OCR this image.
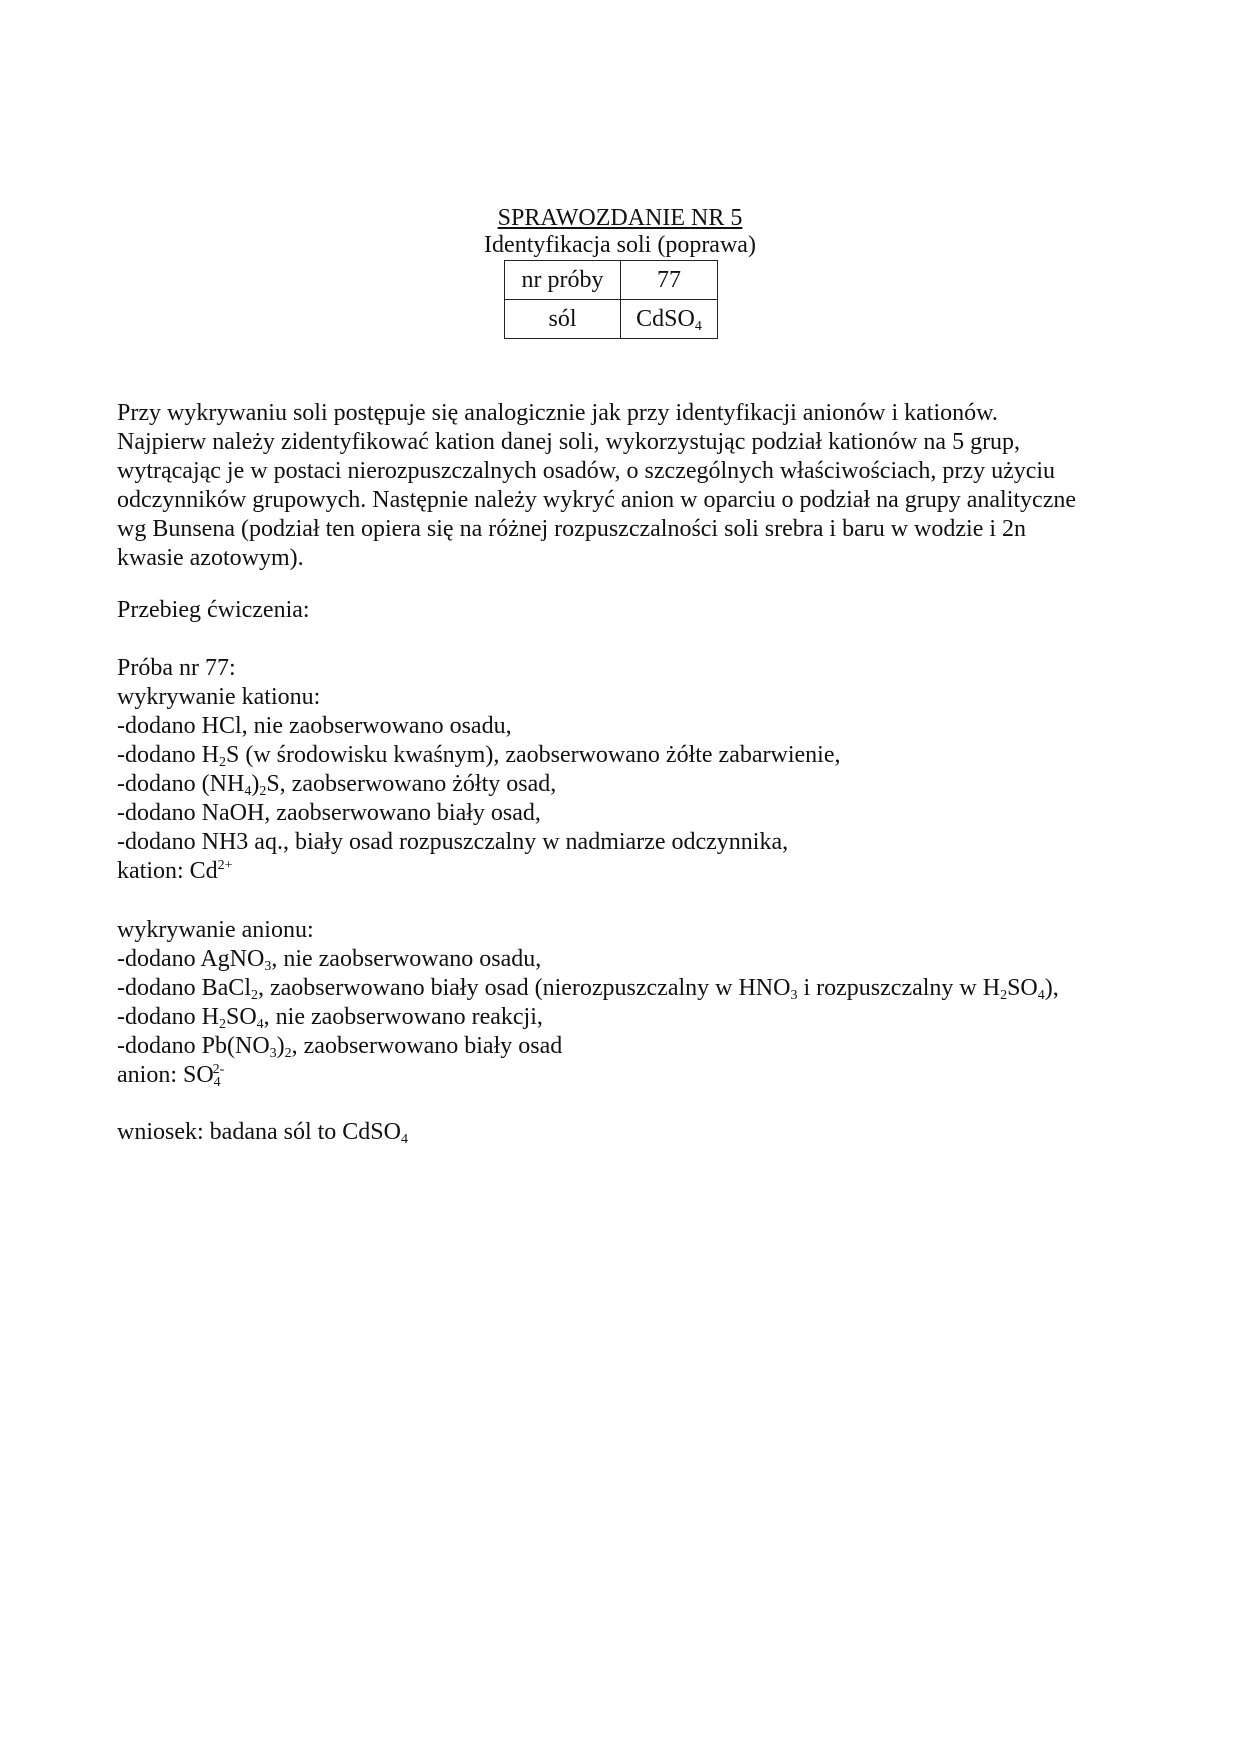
SPRAWOZDANIE NR 5
Identyfikacja soli (poprawa)
nr próby	77
sól	CdSO$_4$
Przy wykrywaniu soli postępuje się analogicznie jak przy identyfikacji anionów i kationów.
Najpierw należy zidentyfikować kation danej soli, wykorzystując podział kationów na 5 grup,
wytrącając je w postaci nierozpuszczalnych osadów, o szczególnych właściwościach, przy użyciu
odczynników grupowych. Następnie należy wykryć anion w oparciu o podział na grupy analityczne
wg Bunsena (podział ten opiera się na różnej rozpuszczalności soli srebra i baru w wodzie i 2n
kwasie azotowym).
Przebieg ćwiczenia:
Próba nr 77:
wykrywanie kationu:
-dodano HCl, nie zaobserwowano osadu,
-dodano $H_2S$ (w środowisku kwaśnym), zaobserwowano żółte zabarwienie,
-dodano $(NH_4)_2S$, zaobserwowano żółty osad,
-dodano NaOH, zaobserwowano biały osad,
-dodano NH3 aq., biały osad rozpuszczalny w nadmiarze odczynnika,
kation: $Cd^{2+}$
wykrywanie anionu:
-dodano AgNO$_3$, nie zaobserwowano osadu,
-dodano BaCl$_2$, zaobserwowano biały osad (nierozpuszczalny w $HNO_3$ i rozpuszczalny w $H_2SO_4$),
-dodano $H_2SO_4$, nie zaobserwowano reakcji,
-dodano $Pb(NO_3)_2$, zaobserwowano biały osad
anion: $SO_4^{2-}$
wniosek: badana sól to CdSO$_4$
